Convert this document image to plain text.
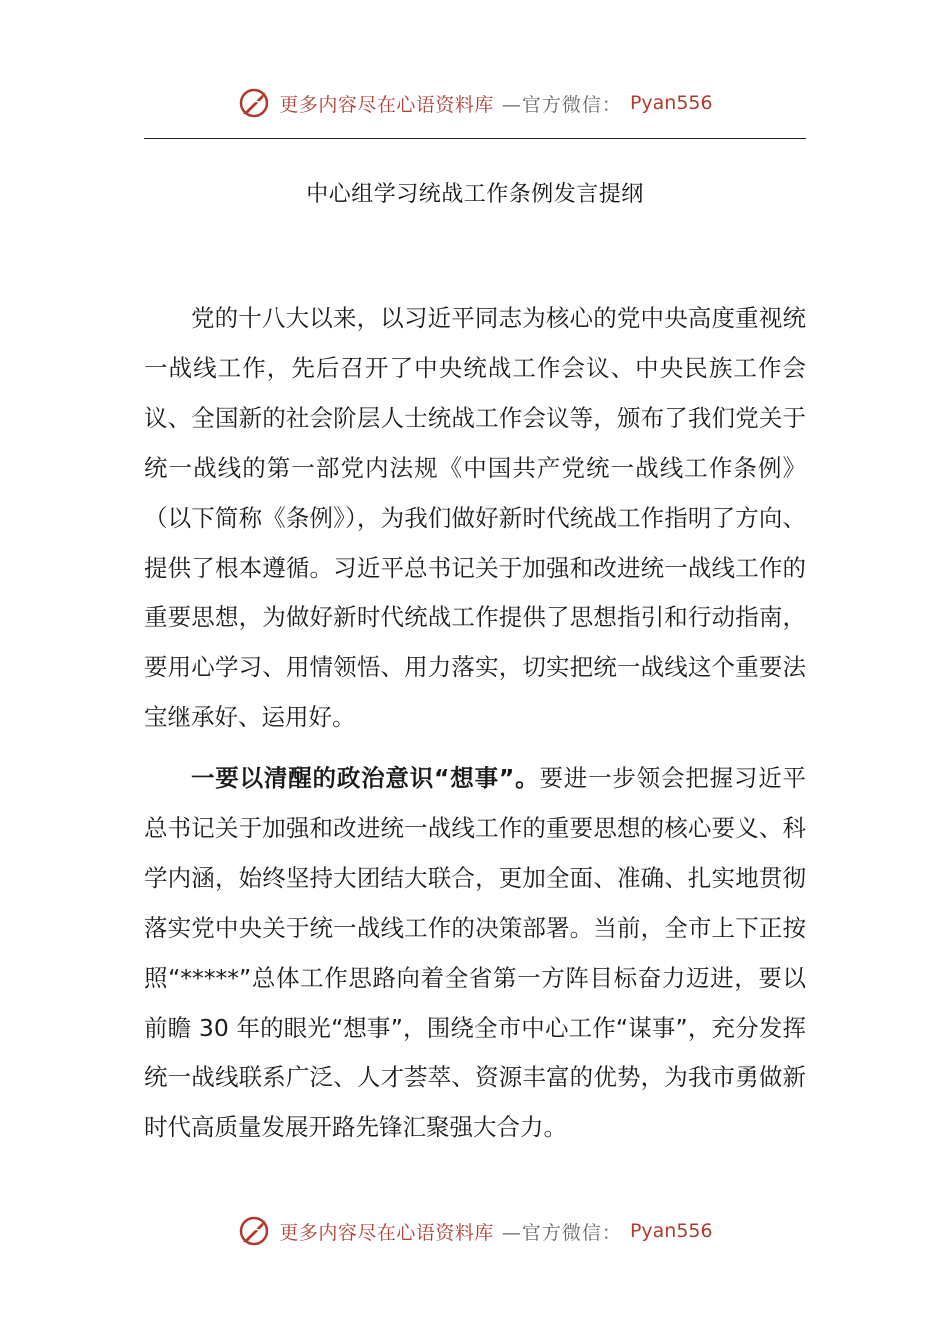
更多内容尽在心语资料库 —官方微信： Pyan556
中心组学习统战工作条例发言提纲

党的十八大以来，以习近平同志为核心的党中央高度重视统一战线工作，先后召开了中央统战工作会议、中央民族工作会议、全国新的社会阶层人士统战工作会议等，颁布了我们党关于统一战线的第一部党内法规《中国共产党统一战线工作条例》（以下简称《条例》），为我们做好新时代统战工作指明了方向、提供了根本遵循。习近平总书记关于加强和改进统一战线工作的重要思想，为做好新时代统战工作提供了思想指引和行动指南，要用心学习、用情领悟、用力落实，切实把统一战线这个重要法宝继承好、运用好。

一要以清醒的政治意识“想事”。要进一步领会把握习近平总书记关于加强和改进统一战线工作的重要思想的核心要义、科学内涵，始终坚持大团结大联合，更加全面、准确、扎实地贯彻落实党中央关于统一战线工作的决策部署。当前，全市上下正按照“*****”总体工作思路向着全省第一方阵目标奋力迈进，要以前瞻 30 年的眼光“想事”，围绕全市中心工作“谋事”，充分发挥统一战线联系广泛、人才荟萃、资源丰富的优势，为我市勇做新时代高质量发展开路先锋汇聚强大合力。

更多内容尽在心语资料库 —官方微信： Pyan556
